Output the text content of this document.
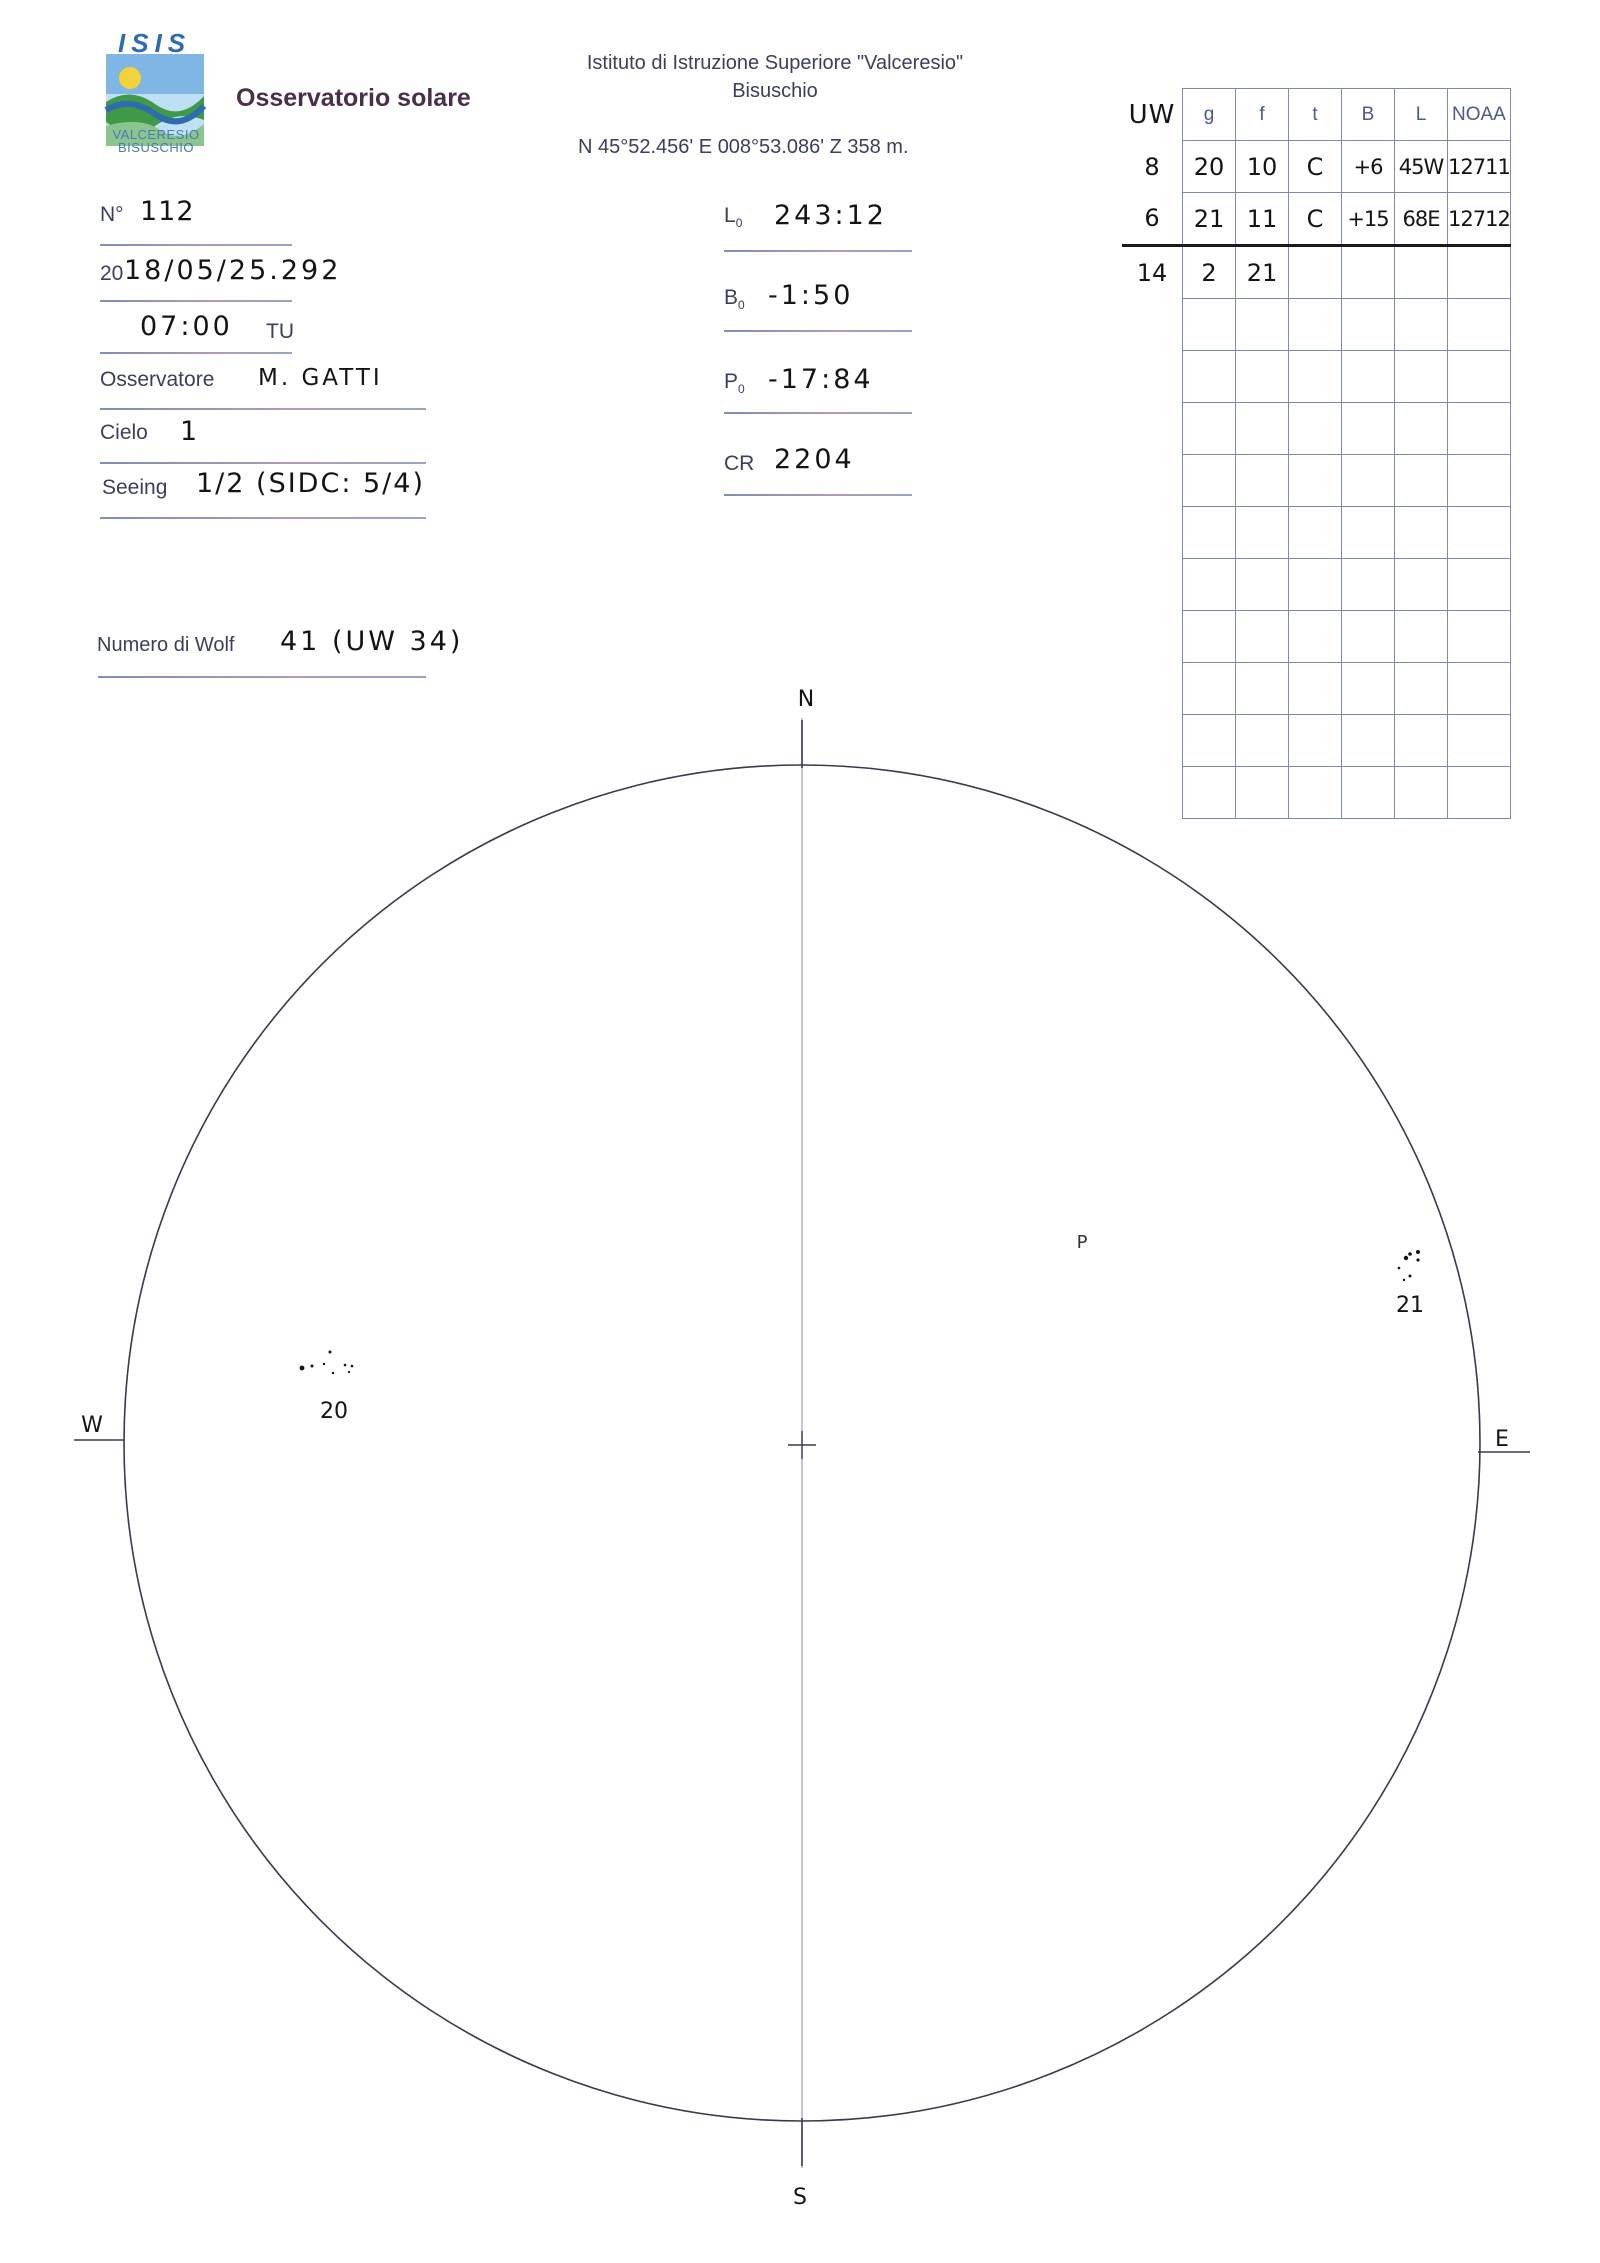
ISIS
VALCERESIO
BISUSCHIO
Osservatorio solare
Istituto di Istruzione Superiore "Valceresio"
Bisuschio
N 45°52.456' E 008°53.086' Z 358 m.
N° 112
20 18/05/25.292
07:00 TU
Osservatore M. GATTI
Cielo 1
Seeing 1/2 (SIDC: 5/4)
Numero di Wolf 41 (UW 34)
$L_0$ 243:12
$B_0$ -1:50
$P_0$ -17:84
CR 2204
UW	g	f	t	B	L	NOAA
8	20	10	C	+6	45W	12711
6	21	11	C	+15	68E	12712
14	2	21				

N
S
W
E
P
20
21
